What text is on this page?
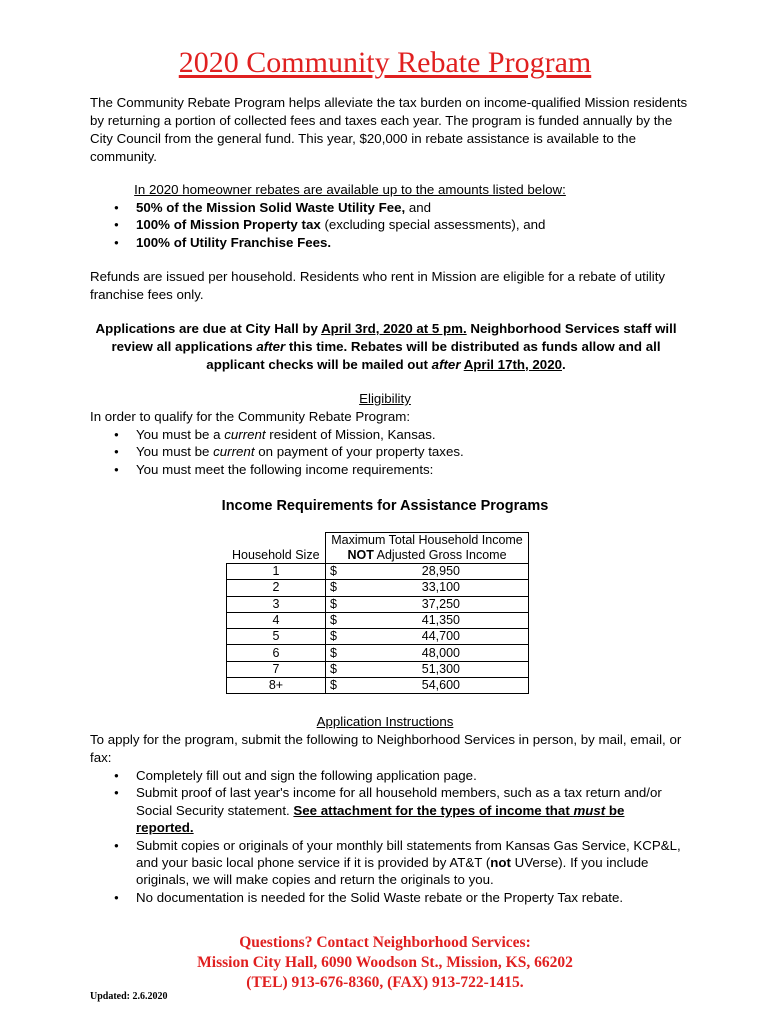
2020 Community Rebate Program

The Community Rebate Program helps alleviate the tax burden on income-qualified Mission residents by returning a portion of collected fees and taxes each year. The program is funded annually by the City Council from the general fund. This year, $20,000 in rebate assistance is available to the community.

In 2020 homeowner rebates are available up to the amounts listed below:
● 50% of the Mission Solid Waste Utility Fee, and
● 100% of Mission Property tax (excluding special assessments), and
● 100% of Utility Franchise Fees.

Refunds are issued per household. Residents who rent in Mission are eligible for a rebate of utility franchise fees only.

Applications are due at City Hall by April 3rd, 2020 at 5 pm. Neighborhood Services staff will review all applications after this time. Rebates will be distributed as funds allow and all applicant checks will be mailed out after April 17th, 2020.

Eligibility
In order to qualify for the Community Rebate Program:
● You must be a current resident of Mission, Kansas.
● You must be current on payment of your property taxes.
● You must meet the following income requirements:
Income Requirements for Assistance Programs
Household Size	Maximum Total Household Income
NOT Adjusted Gross Income

1	$ 28,950
2	$ 33,100
3	$ 37,250
4	$ 41,350
5	$ 44,700
6	$ 48,000
7	$ 51,300
8+	$ 54,600
Application Instructions
To apply for the program, submit the following to Neighborhood Services in person, by mail, email, or fax:
● Completely fill out and sign the following application page.
● Submit proof of last year's income for all household members, such as a tax return and/or Social Security statement. See attachment for the types of income that must be reported.
● Submit copies or originals of your monthly bill statements from Kansas Gas Service, KCP&L, and your basic local phone service if it is provided by AT&T (not UVerse). If you include originals, we will make copies and return the originals to you.
● No documentation is needed for the Solid Waste rebate or the Property Tax rebate.
Questions? Contact Neighborhood Services:
Mission City Hall, 6090 Woodson St., Mission, KS, 66202
(TEL) 913-676-8360, (FAX) 913-722-1415.
Updated: 2.6.2020
